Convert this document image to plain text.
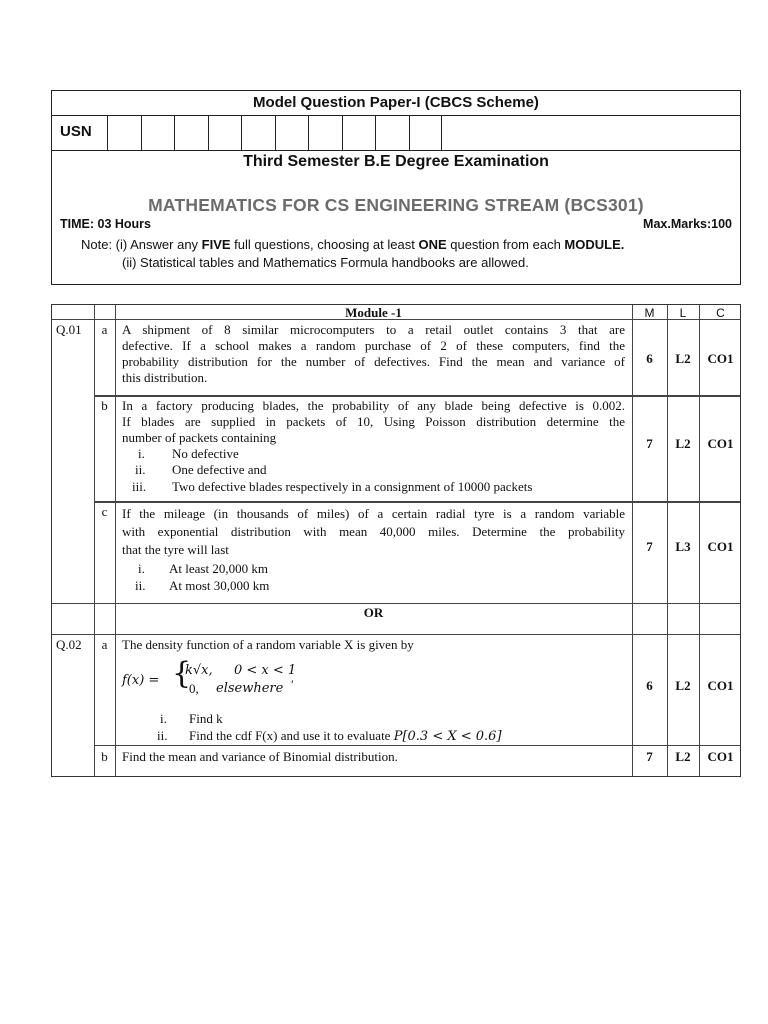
Model Question Paper-I (CBCS Scheme)
USN
Third Semester B.E Degree Examination
MATHEMATICS FOR CS ENGINEERING STREAM (BCS301)
TIME: 03 Hours	Max.Marks:100
Note: (i) Answer any FIVE full questions, choosing at least ONE question from each MODULE.
(ii) Statistical tables and Mathematics Formula handbooks are allowed.
Module -1	M	L	C
Q.01	a	A shipment of 8 similar microcomputers to a retail outlet contains 3 that are
defective. If a school makes a random purchase of 2 of these computers, find the
probability distribution for the number of defectives. Find the mean and variance of
this distribution.
6	L2	CO1
b	In a factory producing blades, the probability of any blade being defective is 0.002.
If blades are supplied in packets of 10, Using Poisson distribution determine the
number of packets containing
i. No defective
ii. One defective and
iii. Two defective blades respectively in a consignment of 10000 packets
7	L2	CO1
c	If the mileage (in thousands of miles) of a certain radial tyre is a random variable
with exponential distribution with mean 40,000 miles. Determine the probability
that the tyre will last
i. At least 20,000 km
ii. At most 30,000 km
7	L3	CO1
OR
Q.02	a	The density function of a random variable X is given by
f(x) = {
k√x, 0 < x < 1
0, elsewhere ′
i. Find k
ii. Find the cdf F(x) and use it to evaluate P[0.3 < X < 0.6]
6	L2	CO1
b	Find the mean and variance of Binomial distribution.	7	L2	CO1
